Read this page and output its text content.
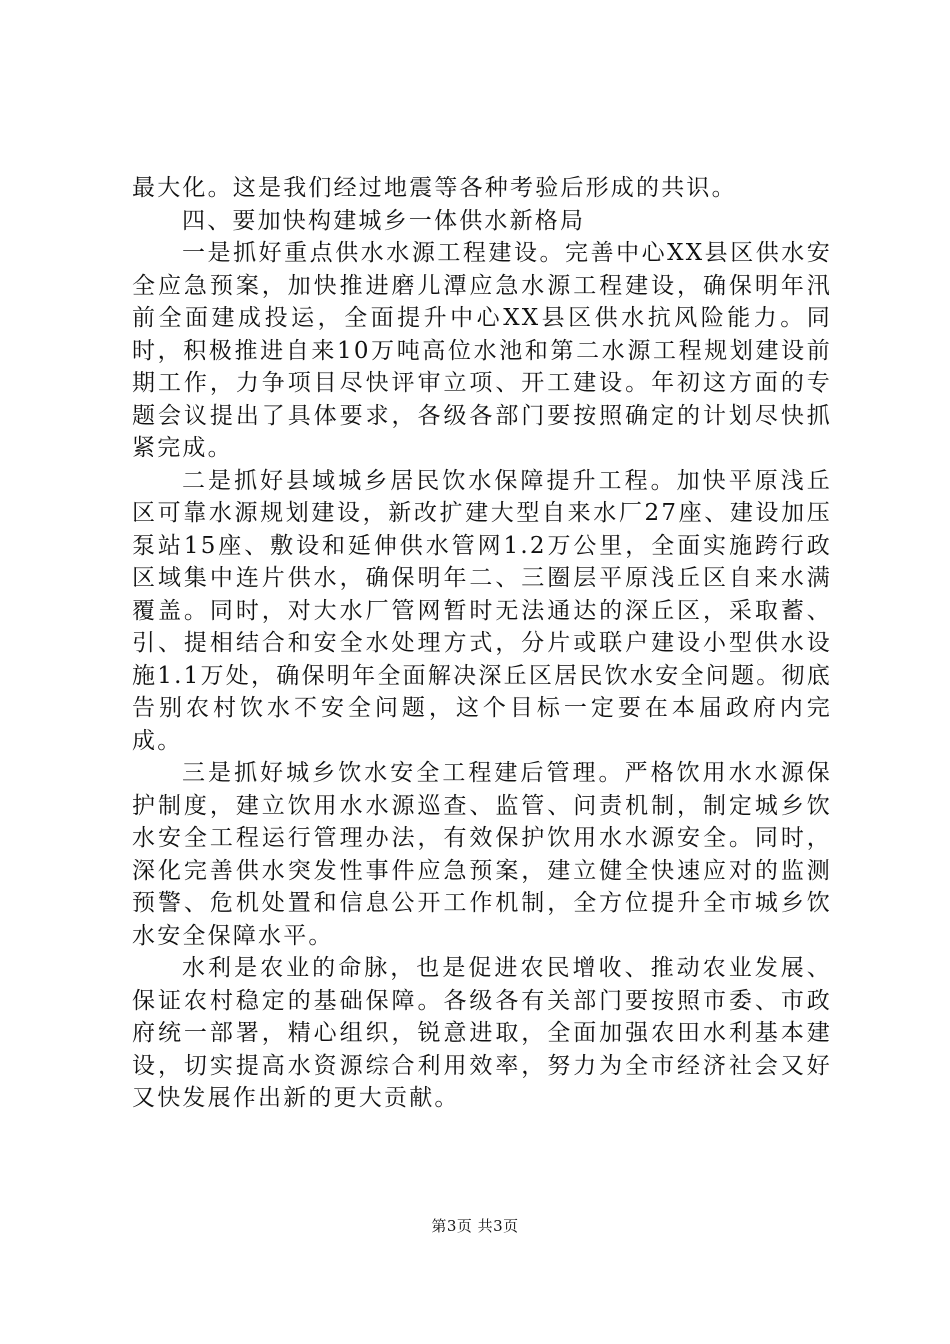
最大化。这是我们经过地震等各种考验后形成的共识。

四、要加快构建城乡一体供水新格局

一是抓好重点供水水源工程建设。完善中心XX县区供水安全应急预案，加快推进磨儿潭应急水源工程建设，确保明年汛前全面建成投运，全面提升中心XX县区供水抗风险能力。同时，积极推进自来10万吨高位水池和第二水源工程规划建设前期工作，力争项目尽快评审立项、开工建设。年初这方面的专题会议提出了具体要求，各级各部门要按照确定的计划尽快抓紧完成。

二是抓好县域城乡居民饮水保障提升工程。加快平原浅丘区可靠水源规划建设，新改扩建大型自来水厂27座、建设加压泵站15座、敷设和延伸供水管网1.2万公里，全面实施跨行政区域集中连片供水，确保明年二、三圈层平原浅丘区自来水满覆盖。同时，对大水厂管网暂时无法通达的深丘区，采取蓄、引、提相结合和安全水处理方式，分片或联户建设小型供水设施1.1万处，确保明年全面解决深丘区居民饮水安全问题。彻底告别农村饮水不安全问题，这个目标一定要在本届政府内完成。

三是抓好城乡饮水安全工程建后管理。严格饮用水水源保护制度，建立饮用水水源巡查、监管、问责机制，制定城乡饮水安全工程运行管理办法，有效保护饮用水水源安全。同时，深化完善供水突发性事件应急预案，建立健全快速应对的监测预警、危机处置和信息公开工作机制，全方位提升全市城乡饮水安全保障水平。

水利是农业的命脉，也是促进农民增收、推动农业发展、保证农村稳定的基础保障。各级各有关部门要按照市委、市政府统一部署，精心组织，锐意进取，全面加强农田水利基本建设，切实提高水资源综合利用效率，努力为全市经济社会又好又快发展作出新的更大贡献。

第3页 共3页
